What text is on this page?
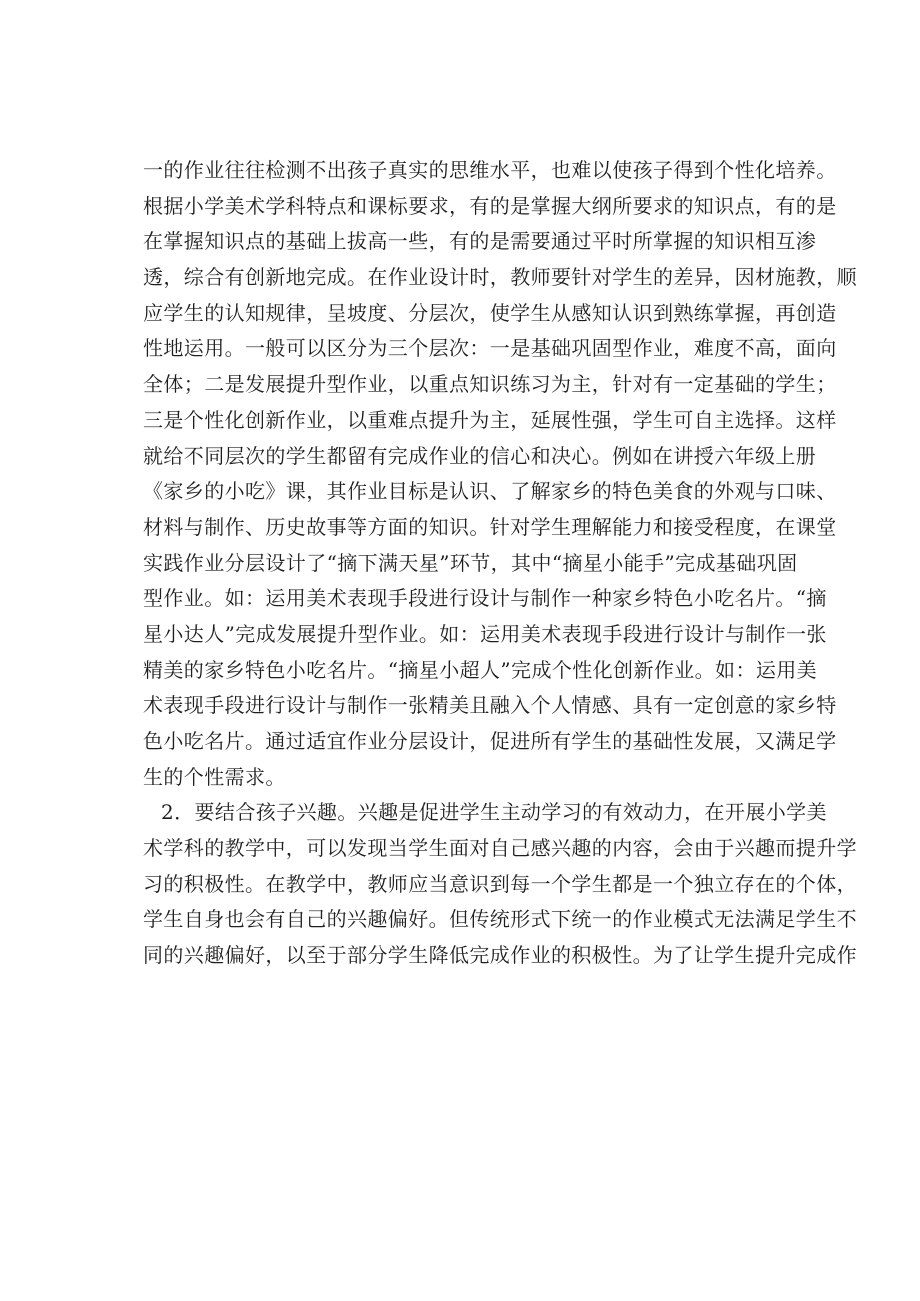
一的作业往往检测不出孩子真实的思维水平，也难以使孩子得到个性化培养。
根据小学美术学科特点和课标要求，有的是掌握大纲所要求的知识点，有的是
在掌握知识点的基础上拔高一些，有的是需要通过平时所掌握的知识相互渗
透，综合有创新地完成。在作业设计时，教师要针对学生的差异，因材施教，顺
应学生的认知规律，呈坡度、分层次，使学生从感知认识到熟练掌握，再创造
性地运用。一般可以区分为三个层次：一是基础巩固型作业，难度不高，面向
全体；二是发展提升型作业，以重点知识练习为主，针对有一定基础的学生；
三是个性化创新作业，以重难点提升为主，延展性强，学生可自主选择。这样
就给不同层次的学生都留有完成作业的信心和决心。例如在讲授六年级上册
《家乡的小吃》课，其作业目标是认识、了解家乡的特色美食的外观与口味、
材料与制作、历史故事等方面的知识。针对学生理解能力和接受程度，在课堂
实践作业分层设计了“摘下满天星”环节，其中“摘星小能手”完成基础巩固
型作业。如：运用美术表现手段进行设计与制作一种家乡特色小吃名片。“摘
星小达人”完成发展提升型作业。如：运用美术表现手段进行设计与制作一张
精美的家乡特色小吃名片。“摘星小超人”完成个性化创新作业。如：运用美
术表现手段进行设计与制作一张精美且融入个人情感、具有一定创意的家乡特
色小吃名片。通过适宜作业分层设计，促进所有学生的基础性发展，又满足学
生的个性需求。
2．要结合孩子兴趣。兴趣是促进学生主动学习的有效动力，在开展小学美
术学科的教学中，可以发现当学生面对自己感兴趣的内容，会由于兴趣而提升学
习的积极性。在教学中，教师应当意识到每一个学生都是一个独立存在的个体，
学生自身也会有自己的兴趣偏好。但传统形式下统一的作业模式无法满足学生不
同的兴趣偏好，以至于部分学生降低完成作业的积极性。为了让学生提升完成作
